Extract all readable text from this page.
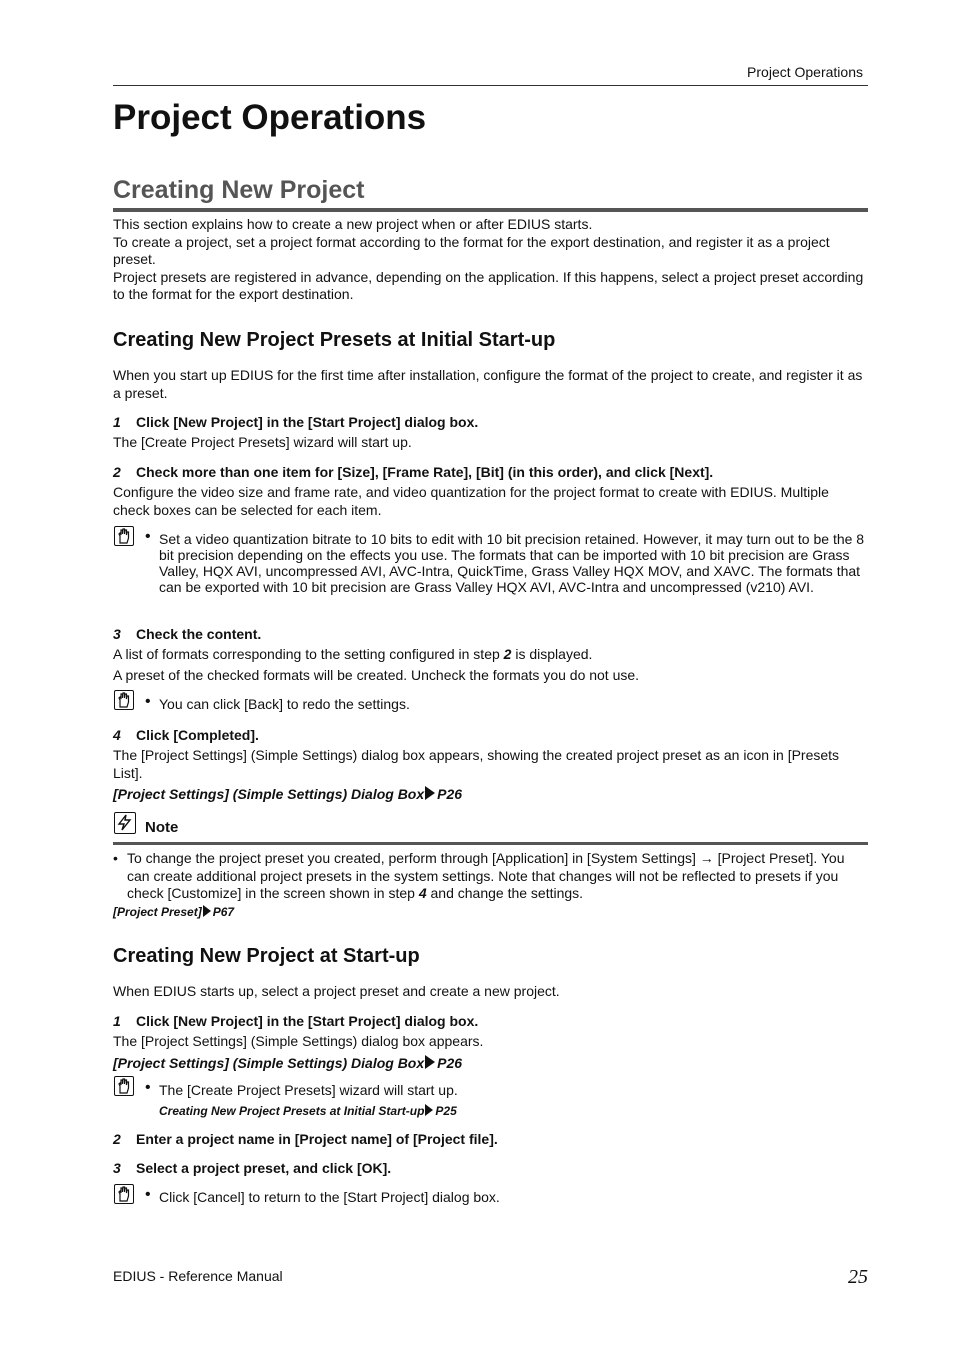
Project Operations
Project Operations
Creating New Project

This section explains how to create a new project when or after EDIUS starts.

To create a project, set a project format according to the format for the export destination, and register it as a project preset.

Project presets are registered in advance, depending on the application. If this happens, select a project preset according to the format for the export destination.

Creating New Project Presets at Initial Start-up
When you start up EDIUS for the first time after installation, configure the format of the project to create, and register it as a preset.
1 Click [New Project] in the [Start Project] dialog box.
The [Create Project Presets] wizard will start up.
2 Check more than one item for [Size], [Frame Rate], [Bit] (in this order), and click [Next].
Configure the video size and frame rate, and video quantization for the project format to create with EDIUS. Multiple check boxes can be selected for each item.
• Set a video quantization bitrate to 10 bits to edit with 10 bit precision retained. However, it may turn out to be the 8 bit precision depending on the effects you use. The formats that can be imported with 10 bit precision are Grass Valley, HQX AVI, uncompressed AVI, AVC-Intra, QuickTime, Grass Valley HQX MOV, and XAVC. The formats that can be exported with 10 bit precision are Grass Valley HQX AVI, AVC-Intra and uncompressed (v210) AVI.
3 Check the content.
A list of formats corresponding to the setting configured in step 2 is displayed.
A preset of the checked formats will be created. Uncheck the formats you do not use.
• You can click [Back] to redo the settings.
4 Click [Completed].
The [Project Settings] (Simple Settings) dialog box appears, showing the created project preset as an icon in [Presets List].
[Project Settings] (Simple Settings) Dialog Box P26
Note
• To change the project preset you created, perform through [Application] in [System Settings] → [Project Preset]. You can create additional project presets in the system settings. Note that changes will not be reflected to presets if you check [Customize] in the screen shown in step 4 and change the settings.
[Project Preset] P67
Creating New Project at Start-up
When EDIUS starts up, select a project preset and create a new project.
1 Click [New Project] in the [Start Project] dialog box.
The [Project Settings] (Simple Settings) dialog box appears.
[Project Settings] (Simple Settings) Dialog Box P26
• The [Create Project Presets] wizard will start up.
Creating New Project Presets at Initial Start-up P25
2 Enter a project name in [Project name] of [Project file].
3 Select a project preset, and click [OK].
• Click [Cancel] to return to the [Start Project] dialog box.
EDIUS - Reference Manual	25
